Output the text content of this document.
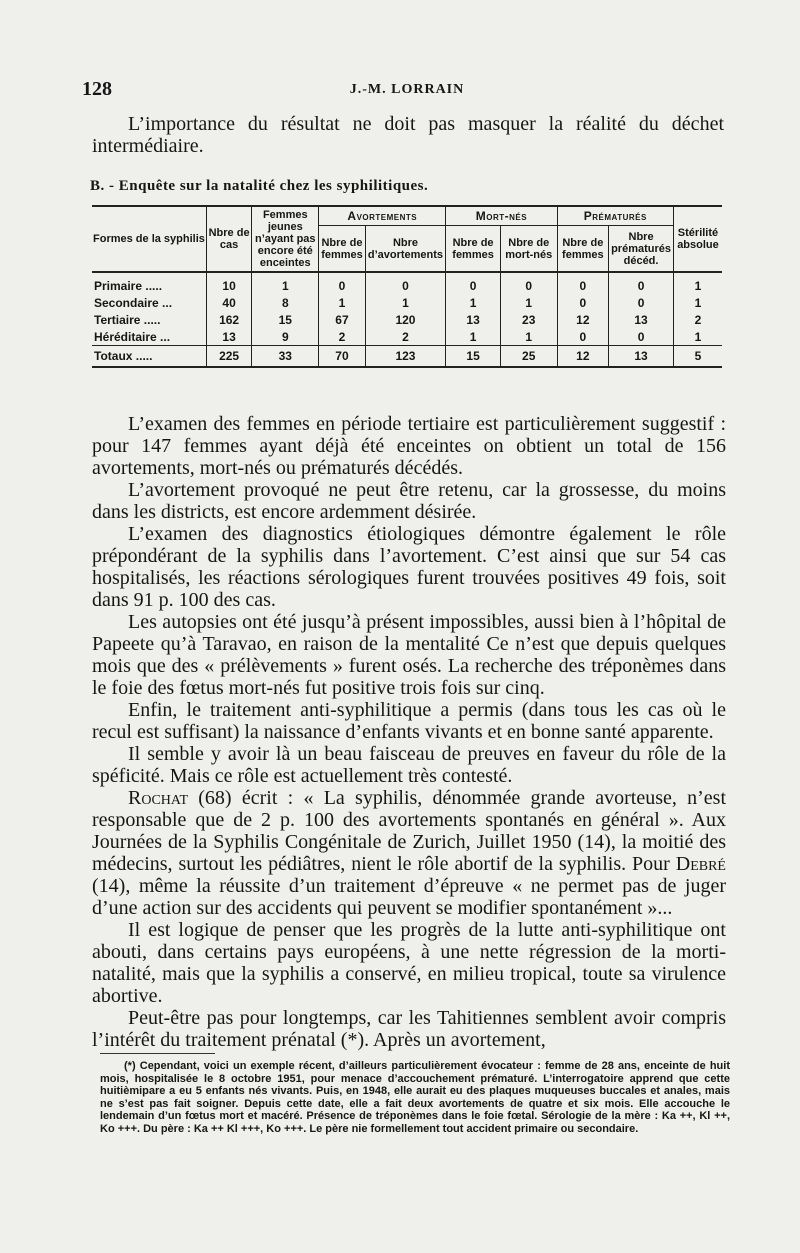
128	J.-M. LORRAIN

L’importance du résultat ne doit pas masquer la réalité du déchet intermédiaire.

B. - Enquête sur la natalité chez les syphilitiques.
Formes de la syphilis	Nbre de cas	Femmes jeunes n’ayant pas encore été enceintes	Avortements		Mort-nés		Prématurés		Stérilité absolue
			Nbre de femmes	Nbre d’avortements	Nbre de femmes	Nbre de mort-nés	Nbre de femmes	Nbre prématurés décéd.	
Primaire .....	10	1	0	0	0	0	0	0	1
Secondaire ...	40	8	1	1	1	1	0	0	1
Tertiaire .....	162	15	67	120	13	23	12	13	2
Héréditaire ...	13	9	2	2	1	1	0	0	1
Totaux .....	225	33	70	123	15	25	12	13	5

L’examen des femmes en période tertiaire est particulièrement suggestif : pour 147 femmes ayant déjà été enceintes on obtient un total de 156 avortements, mort-nés ou prématurés décédés.

L’avortement provoqué ne peut être retenu, car la grossesse, du moins dans les districts, est encore ardemment désirée.

L’examen des diagnostics étiologiques démontre également le rôle prépondérant de la syphilis dans l’avortement. C’est ainsi que sur 54 cas hospitalisés, les réactions sérologiques furent trouvées positives 49 fois, soit dans 91 p. 100 des cas.

Les autopsies ont été jusqu’à présent impossibles, aussi bien à l’hôpital de Papeete qu’à Taravao, en raison de la mentalité Ce n’est que depuis quelques mois que des « prélèvements » furent osés. La recherche des tréponèmes dans le foie des fœtus mort-nés fut positive trois fois sur cinq.

Enfin, le traitement anti-syphilitique a permis (dans tous les cas où le recul est suffisant) la naissance d’enfants vivants et en bonne santé apparente.

Il semble y avoir là un beau faisceau de preuves en faveur du rôle de la spéficité. Mais ce rôle est actuellement très contesté.

Rochat (68) écrit : « La syphilis, dénommée grande avorteuse, n’est responsable que de 2 p. 100 des avortements spontanés en général ». Aux Journées de la Syphilis Congénitale de Zurich, Juillet 1950 (14), la moitié des médecins, surtout les pédiâtres, nient le rôle abortif de la syphilis. Pour Debré (14), même la réussite d’un traitement d’épreuve « ne permet pas de juger d’une action sur des accidents qui peuvent se modifier spontanément »...

Il est logique de penser que les progrès de la lutte anti-syphilitique ont abouti, dans certains pays européens, à une nette régression de la morti-natalité, mais que la syphilis a conservé, en milieu tropical, toute sa virulence abortive.

Peut-être pas pour longtemps, car les Tahitiennes semblent avoir compris l’intérêt du traitement prénatal (*). Après un avortement,

(*) Cependant, voici un exemple récent, d’ailleurs particulièrement évocateur : femme de 28 ans, enceinte de huit mois, hospitalisée le 8 octobre 1951, pour menace d’accouchement prématuré. L’interrogatoire apprend que cette huitièmipare a eu 5 enfants nés vivants. Puis, en 1948, elle aurait eu des plaques muqueuses buccales et anales, mais ne s’est pas fait soigner. Depuis cette date, elle a fait deux avortements de quatre et six mois. Elle accouche le lendemain d’un fœtus mort et macéré. Présence de tréponèmes dans le foie fœtal. Sérologie de la mère : Ka ++, Kl ++, Ko +++. Du père : Ka ++ Kl +++, Ko +++. Le père nie formellement tout accident primaire ou secondaire.
